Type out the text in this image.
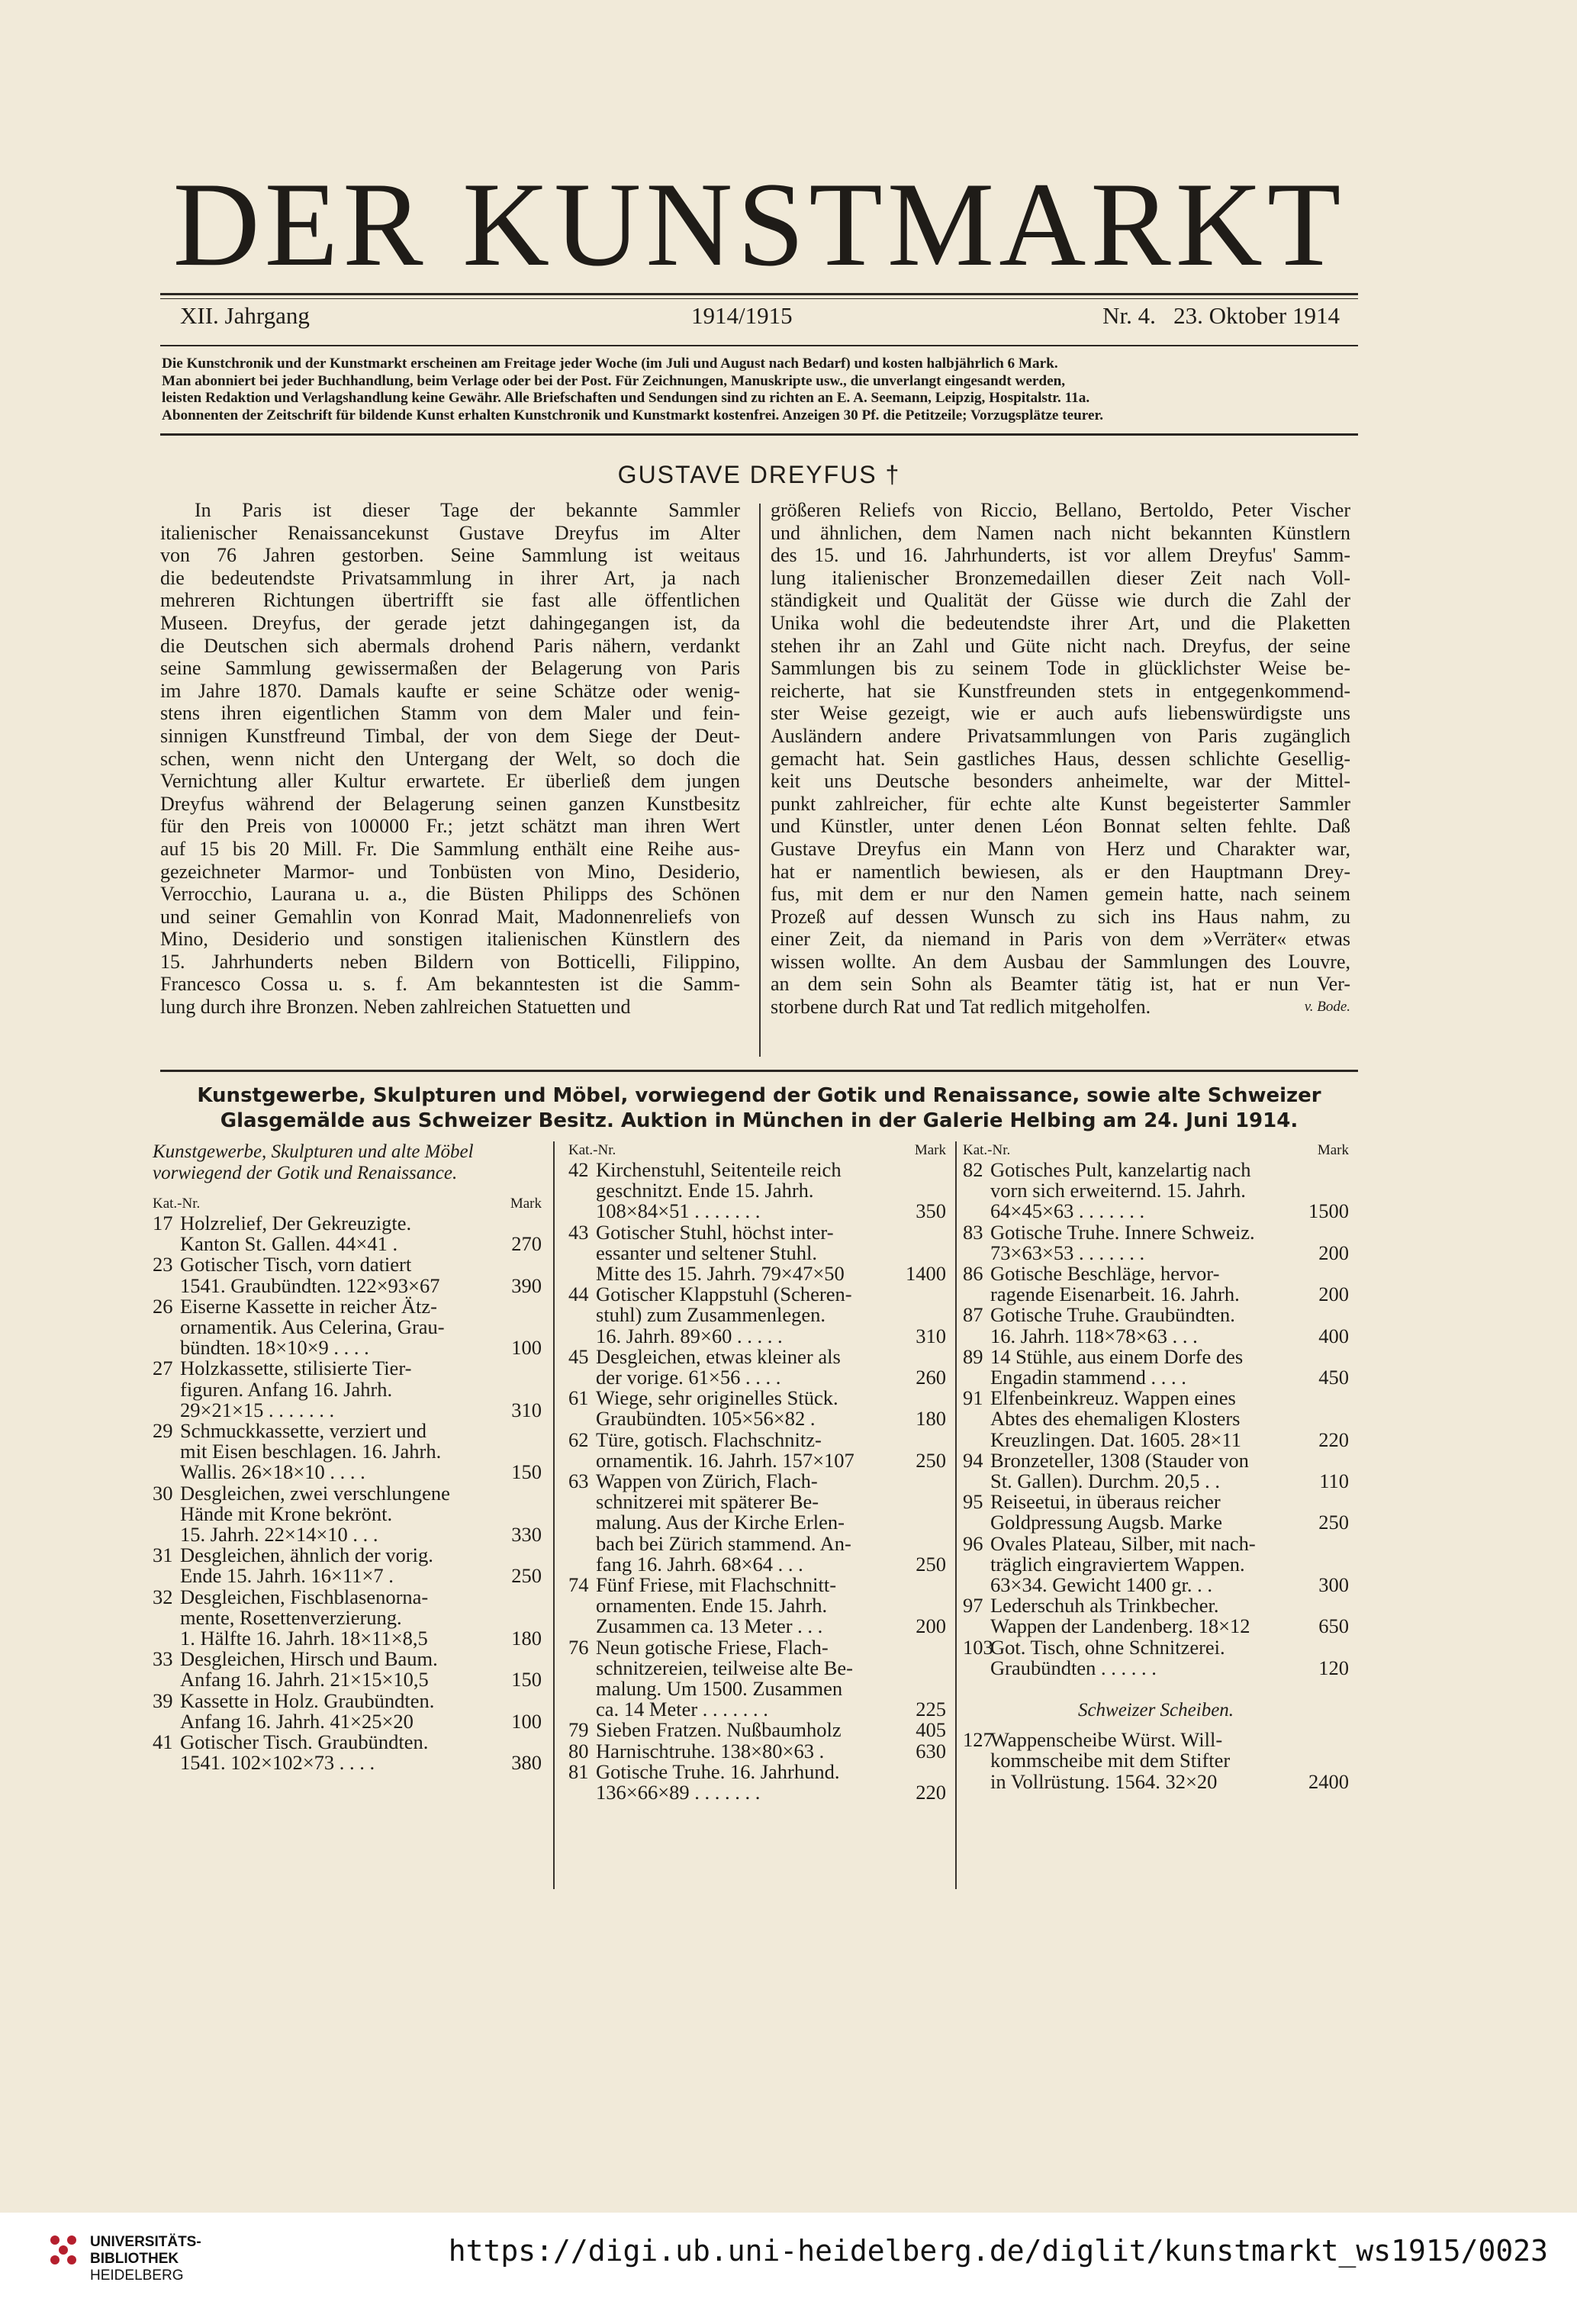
DER KUNSTMARKT
XII. Jahrgang	1914/1915	Nr. 4.   23. Oktober 1914
Die Kunstchronik und der Kunstmarkt erscheinen am Freitage jeder Woche (im Juli und August nach Bedarf) und kosten halbjährlich 6 Mark.
Man abonniert bei jeder Buchhandlung, beim Verlage oder bei der Post. Für Zeichnungen, Manuskripte usw., die unverlangt eingesandt werden,
leisten Redaktion und Verlagshandlung keine Gewähr. Alle Briefschaften und Sendungen sind zu richten an E. A. Seemann, Leipzig, Hospitalstr. 11a.
Abonnenten der Zeitschrift für bildende Kunst erhalten Kunstchronik und Kunstmarkt kostenfrei. Anzeigen 30 Pf. die Petitzeile; Vorzugsplätze teurer.
GUSTAVE DREYFUS †
In Paris ist dieser Tage der bekannte Sammler
italienischer Renaissancekunst Gustave Dreyfus im Alter
von 76 Jahren gestorben. Seine Sammlung ist weitaus
die bedeutendste Privatsammlung in ihrer Art, ja nach
mehreren Richtungen übertrifft sie fast alle öffentlichen
Museen. Dreyfus, der gerade jetzt dahingegangen ist, da
die Deutschen sich abermals drohend Paris nähern, verdankt
seine Sammlung gewissermaßen der Belagerung von Paris
im Jahre 1870. Damals kaufte er seine Schätze oder wenig-
stens ihren eigentlichen Stamm von dem Maler und fein-
sinnigen Kunstfreund Timbal, der von dem Siege der Deut-
schen, wenn nicht den Untergang der Welt, so doch die
Vernichtung aller Kultur erwartete. Er überließ dem jungen
Dreyfus während der Belagerung seinen ganzen Kunstbesitz
für den Preis von 100000 Fr.; jetzt schätzt man ihren Wert
auf 15 bis 20 Mill. Fr. Die Sammlung enthält eine Reihe aus-
gezeichneter Marmor- und Tonbüsten von Mino, Desiderio,
Verrocchio, Laurana u. a., die Büsten Philipps des Schönen
und seiner Gemahlin von Konrad Mait, Madonnenreliefs von
Mino, Desiderio und sonstigen italienischen Künstlern des
15. Jahrhunderts neben Bildern von Botticelli, Filippino,
Francesco Cossa u. s. f. Am bekanntesten ist die Samm-
lung durch ihre Bronzen. Neben zahlreichen Statuetten und
größeren Reliefs von Riccio, Bellano, Bertoldo, Peter Vischer
und ähnlichen, dem Namen nach nicht bekannten Künstlern
des 15. und 16. Jahrhunderts, ist vor allem Dreyfus' Samm-
lung italienischer Bronzemedaillen dieser Zeit nach Voll-
ständigkeit und Qualität der Güsse wie durch die Zahl der
Unika wohl die bedeutendste ihrer Art, und die Plaketten
stehen ihr an Zahl und Güte nicht nach. Dreyfus, der seine
Sammlungen bis zu seinem Tode in glücklichster Weise be-
reicherte, hat sie Kunstfreunden stets in entgegenkommend-
ster Weise gezeigt, wie er auch aufs liebenswürdigste uns
Ausländern andere Privatsammlungen von Paris zugänglich
gemacht hat. Sein gastliches Haus, dessen schlichte Gesellig-
keit uns Deutsche besonders anheimelte, war der Mittel-
punkt zahlreicher, für echte alte Kunst begeisterter Sammler
und Künstler, unter denen Léon Bonnat selten fehlte. Daß
Gustave Dreyfus ein Mann von Herz und Charakter war,
hat er namentlich bewiesen, als er den Hauptmann Drey-
fus, mit dem er nur den Namen gemein hatte, nach seinem
Prozeß auf dessen Wunsch zu sich ins Haus nahm, zu
einer Zeit, da niemand in Paris von dem »Verräter« etwas
wissen wollte. An dem Ausbau der Sammlungen des Louvre,
an dem sein Sohn als Beamter tätig ist, hat er nun Ver-
storbene durch Rat und Tat redlich mitgeholfen.	v. Bode.
Kunstgewerbe, Skulpturen und Möbel, vorwiegend der Gotik und Renaissance, sowie alte Schweizer
Glasgemälde aus Schweizer Besitz. Auktion in München in der Galerie Helbing am 24. Juni 1914.
Kunstgewerbe, Skulpturen und alte Möbel
vorwiegend der Gotik und Renaissance.
Kat.-Nr.	Mark
17 Holzrelief, Der Gekreuzigte.
Kanton St. Gallen. 44×41 .	270
23 Gotischer Tisch, vorn datiert
1541. Graubündten. 122×93×67	390
26 Eiserne Kassette in reicher Ätz-
ornamentik. Aus Celerina, Grau-
bündten. 18×10×9 . . . .	100
27 Holzkassette, stilisierte Tier-
figuren. Anfang 16. Jahrh.
29×21×15 . . . . . . .	310
29 Schmuckkassette, verziert und
mit Eisen beschlagen. 16. Jahrh.
Wallis. 26×18×10 . . . .	150
30 Desgleichen, zwei verschlungene
Hände mit Krone bekrönt.
15. Jahrh. 22×14×10 . . .	330
31 Desgleichen, ähnlich der vorig.
Ende 15. Jahrh. 16×11×7 .	250
32 Desgleichen, Fischblasenorna-
mente, Rosettenverzierung.
1. Hälfte 16. Jahrh. 18×11×8,5	180
33 Desgleichen, Hirsch und Baum.
Anfang 16. Jahrh. 21×15×10,5	150
39 Kassette in Holz. Graubündten.
Anfang 16. Jahrh. 41×25×20	100
41 Gotischer Tisch. Graubündten.
1541. 102×102×73 . . . .	380
Kat.-Nr.	Mark
42 Kirchenstuhl, Seitenteile reich
geschnitzt. Ende 15. Jahrh.
108×84×51 . . . . . . .	350
43 Gotischer Stuhl, höchst inter-
essanter und seltener Stuhl.
Mitte des 15. Jahrh. 79×47×50	1400
44 Gotischer Klappstuhl (Scheren-
stuhl) zum Zusammenlegen.
16. Jahrh. 89×60 . . . . .	310
45 Desgleichen, etwas kleiner als
der vorige. 61×56 . . . .	260
61 Wiege, sehr originelles Stück.
Graubündten. 105×56×82 .	180
62 Türe, gotisch. Flachschnitz-
ornamentik. 16. Jahrh. 157×107	250
63 Wappen von Zürich, Flach-
schnitzerei mit späterer Be-
malung. Aus der Kirche Erlen-
bach bei Zürich stammend. An-
fang 16. Jahrh. 68×64 . . .	250
74 Fünf Friese, mit Flachschnitt-
ornamenten. Ende 15. Jahrh.
Zusammen ca. 13 Meter . . .	200
76 Neun gotische Friese, Flach-
schnitzereien, teilweise alte Be-
malung. Um 1500. Zusammen
ca. 14 Meter . . . . . . .	225
79 Sieben Fratzen. Nußbaumholz	405
80 Harnischtruhe. 138×80×63 .	630
81 Gotische Truhe. 16. Jahrhund.
136×66×89 . . . . . . .	220
Kat.-Nr.	Mark
82 Gotisches Pult, kanzelartig nach
vorn sich erweiternd. 15. Jahrh.
64×45×63 . . . . . . .	1500
83 Gotische Truhe. Innere Schweiz.
73×63×53 . . . . . . .	200
86 Gotische Beschläge, hervor-
ragende Eisenarbeit. 16. Jahrh.	200
87 Gotische Truhe. Graubündten.
16. Jahrh. 118×78×63 . . .	400
89 14 Stühle, aus einem Dorfe des
Engadin stammend . . . .	450
91 Elfenbeinkreuz. Wappen eines
Abtes des ehemaligen Klosters
Kreuzlingen. Dat. 1605. 28×11	220
94 Bronzeteller, 1308 (Stauder von
St. Gallen). Durchm. 20,5 . .	110
95 Reiseetui, in überaus reicher
Goldpressung Augsb. Marke	250
96 Ovales Plateau, Silber, mit nach-
träglich eingraviertem Wappen.
63×34. Gewicht 1400 gr. . .	300
97 Lederschuh als Trinkbecher.
Wappen der Landenberg. 18×12	650
103Got. Tisch, ohne Schnitzerei.
Graubündten . . . . . .	120
Schweizer Scheiben.
127Wappenscheibe Würst. Will-
kommscheibe mit dem Stifter
in Vollrüstung. 1564. 32×20	2400
UNIVERSITÄTS-
BIBLIOTHEK
HEIDELBERG
https://digi.ub.uni-heidelberg.de/diglit/kunstmarkt_ws1915/0023
